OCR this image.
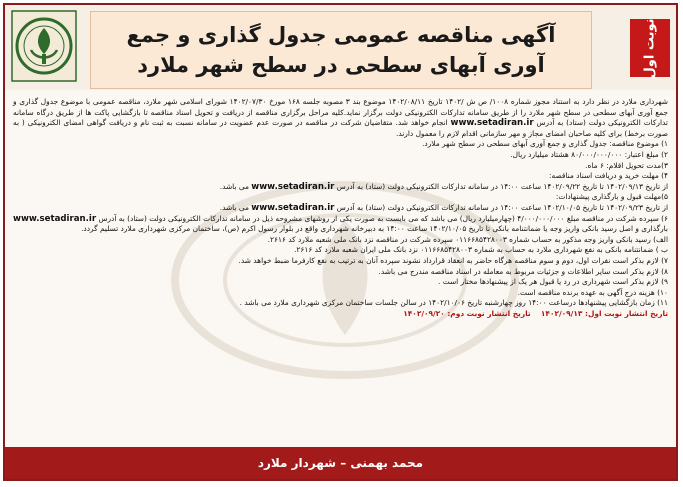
آگهی مناقصه عمومی جدول گذاری و جمع
آوری آبهای سطحی در سطح شهر ملارد	نوبت اول

شهرداری ملارد در نظر دارد به استناد مجوز شماره ۱۰۰۸/ ص ش /۱۴۰۲ تاریخ ۱۴۰۲/۰۸/۱۱ موضوع بند ۳ مصوبه جلسه ۱۶۸ مورخ ۱۴۰۲/۰۷/۳۰ شورای اسلامی شهر ملارد، مناقصه عمومی با موضوع جدول گذاری و جمع آوری آبهای سطحی در سطح شهر ملارد را از طریق سامانه تدارکات الکترونیکی دولت برگزار نماید.کلیه مراحل برگزاری مناقصه از دریافت و تحویل اسناد مناقصه تا بازگشایی پاکت ها از طریق درگاه سامانه تدارکات الکترونیکی دولت (ستاد) به آدرس www.setadiran.ir انجام خواهد شد. متقاضیان شرکت در مناقصه در صورت عدم عضویت در سامانه نسبت به ثبت نام و دریافت گواهی امضای الکترونیکی ( به صورت برخط) برای کلیه صاحبان امضای مجاز و مهر سازمانی اقدام لازم را معمول دارند.

۱) موضوع مناقصه: جدول گذاری و جمع آوری آبهای سطحی در سطح شهر ملارد.

۲) مبلغ اعتبار: ۸۰/۰۰۰/۰۰۰/۰۰۰ هشتاد میلیارد ریال.

۳)مدت تحویل اقلام: ۶ ماه.

۴) مهلت خرید و دریافت اسناد مناقصه:

از تاریخ ۱۴۰۲/۰۹/۱۳ تا تاریخ ۱۴۰۲/۰۹/۲۲ ساعت ۱۴:۰۰ در سامانه تدارکات الکترونیکی دولت (ستاد) به آدرس www.setadiran.ir می باشد.

۵)مهلت قبول و بارگذاری پیشنهادات:

از تاریخ ۱۴۰۲/۰۹/۲۳ تا تاریخ ۱۴۰۲/۱۰/۰۵ ساعت ۱۴:۰۰ در سامانه تدارکات الکترونیکی دولت (ستاد) به آدرس www.setadiran.ir می باشد.

۶) سپرده شرکت در مناقصه مبلغ ۴/۰۰۰/۰۰۰/۰۰۰ (چهارمیلیارد ریال) می باشد که می بایست به صورت یکی از روشهای مشروحه ذیل در سامانه تدارکات الکترونیکی دولت (ستاد) به آدرس www.setadiran.ir بارگذاری و اصل رسید بانکی واریز وجه یا ضمانتنامه بانکی تا تاریخ ۱۴۰۲/۱۰/۰۵ ساعت ۱۴:۰۰ به دبیرخانه شهرداری واقع در بلوار رسول اکرم (ص)، ساختمان مرکزی شهرداری ملارد تسلیم گردد.

الف) رسید بانکی واریز وجه مذکور به حساب شماره ۰۱۱۶۶۸۵۴۲۸۰۰۳ سپرده شرکت در مناقصه نزد بانک ملی شعبه ملارد کد ۲۶۱۶.

ب ) ضمانتنامه بانکی به نفع شهرداری ملارد به حساب به شماره ۰۱۱۶۶۸۵۴۲۸۰۰۳ نزد بانک ملی ایران شعبه ملارد کد ۲۶۱۶.

۷) لازم بذکر است نفرات اول، دوم و سوم مناقصه هرگاه حاضر به انعقاد قرارداد نشوند سپرده آنان به ترتیب به نفع کارفرما ضبط خواهد شد.

۸) لازم بذکر است سایر اطلاعات و جزئیات مربوط به معامله در اسناد مناقصه مندرج می باشد.

۹) لازم بذکر است شهرداری در رد یا قبول هر یک از پیشنهادها مختار است .

۱۰) هزینه درج آگهی به عهده برنده مناقصه است.

۱۱) زمان بازگشایی پیشنهادها درساعت ۱۴:۰۰ روز چهارشنبه تاریخ ۱۴۰۲/۱۰/۰۶ در سالن جلسات ساختمان مرکزی شهرداری ملارد می باشد .

تاریخ انتشار نوبت اول: ۱۴۰۲/۰۹/۱۳    تاریخ انتشار نوبت دوم: ۱۴۰۲/۰۹/۲۰

محمد بهمنی – شهردار ملارد
